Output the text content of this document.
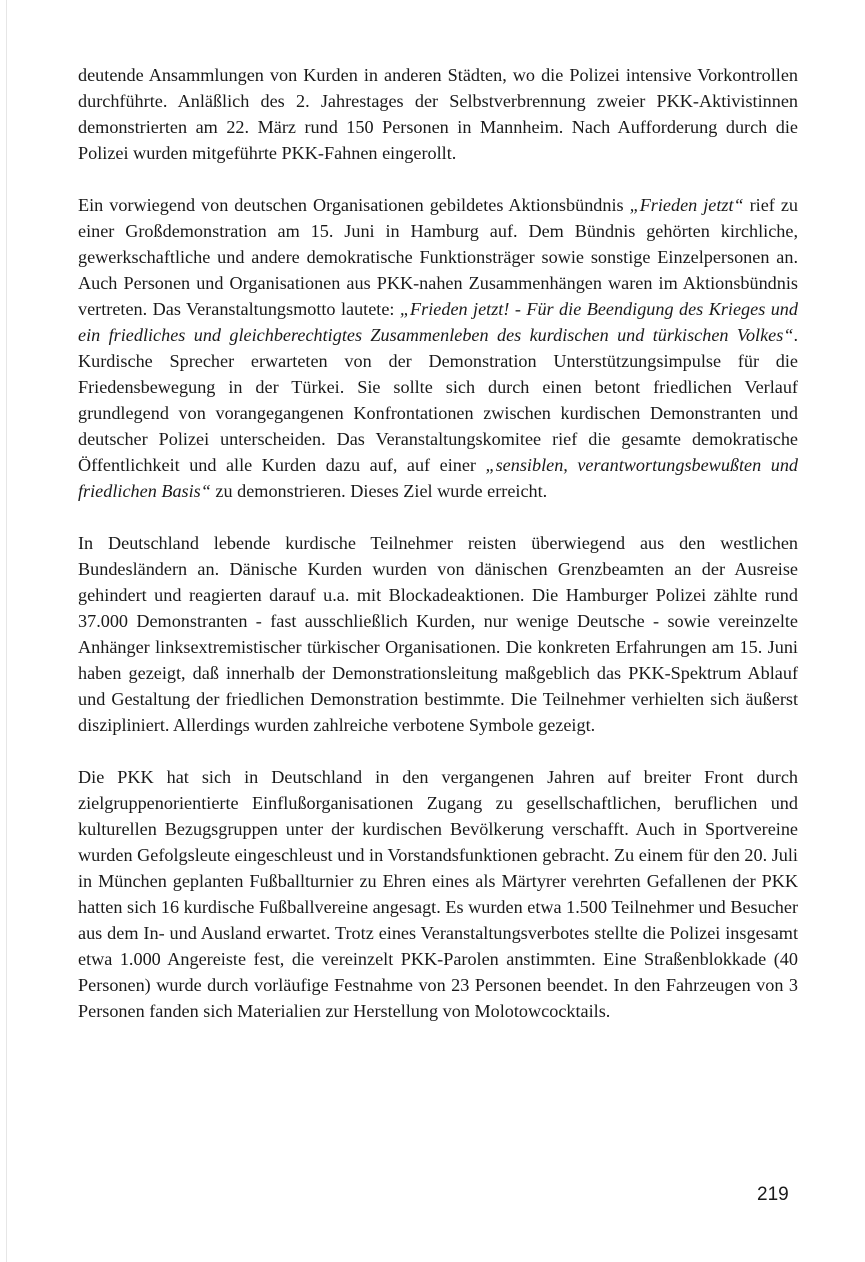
deutende Ansammlungen von Kurden in anderen Städten, wo die Polizei intensive Vorkontrollen durchführte. Anläßlich des 2. Jahrestages der Selbstverbrennung zweier PKK-Aktivistinnen demonstrierten am 22. März rund 150 Personen in Mannheim. Nach Aufforderung durch die Polizei wurden mitgeführte PKK-Fahnen eingerollt.

Ein vorwiegend von deutschen Organisationen gebildetes Aktionsbündnis „Frieden jetzt“ rief zu einer Großdemonstration am 15. Juni in Hamburg auf. Dem Bündnis gehörten kirchliche, gewerkschaftliche und andere demokratische Funktionsträger sowie sonstige Einzelpersonen an. Auch Personen und Organisationen aus PKK-nahen Zusammenhängen waren im Aktionsbündnis vertreten. Das Veranstaltungsmotto lautete: „Frieden jetzt! - Für die Beendigung des Krieges und ein friedliches und gleichberechtigtes Zusammenleben des kurdischen und türkischen Volkes“. Kurdische Sprecher erwarteten von der Demonstration Unterstützungsimpulse für die Friedensbewegung in der Türkei. Sie sollte sich durch einen betont friedlichen Verlauf grundlegend von vorangegangenen Konfrontationen zwischen kurdischen Demonstranten und deutscher Polizei unterscheiden. Das Veranstaltungskomitee rief die gesamte demokratische Öffentlichkeit und alle Kurden dazu auf, auf einer „sensiblen, verantwortungsbewußten und friedlichen Basis“ zu demonstrieren. Dieses Ziel wurde erreicht.

In Deutschland lebende kurdische Teilnehmer reisten überwiegend aus den westlichen Bundesländern an. Dänische Kurden wurden von dänischen Grenzbeamten an der Ausreise gehindert und reagierten darauf u.a. mit Blockadeaktionen. Die Hamburger Polizei zählte rund 37.000 Demonstranten - fast ausschließlich Kurden, nur wenige Deutsche - sowie vereinzelte Anhänger linksextremistischer türkischer Organisationen. Die konkreten Erfahrungen am 15. Juni haben gezeigt, daß innerhalb der Demonstrationsleitung maßgeblich das PKK-Spektrum Ablauf und Gestaltung der friedlichen Demonstration bestimmte. Die Teilnehmer verhielten sich äußerst diszipliniert. Allerdings wurden zahlreiche verbotene Symbole gezeigt.

Die PKK hat sich in Deutschland in den vergangenen Jahren auf breiter Front durch zielgruppenorientierte Einflußorganisationen Zugang zu gesellschaftlichen, beruflichen und kulturellen Bezugsgruppen unter der kurdischen Bevölkerung verschafft. Auch in Sportvereine wurden Gefolgsleute eingeschleust und in Vorstandsfunktionen gebracht. Zu einem für den 20. Juli in München geplanten Fußballturnier zu Ehren eines als Märtyrer verehrten Gefallenen der PKK hatten sich 16 kurdische Fußballvereine angesagt. Es wurden etwa 1.500 Teilnehmer und Besucher aus dem In- und Ausland erwartet. Trotz eines Veranstaltungsverbotes stellte die Polizei insgesamt etwa 1.000 Angereiste fest, die vereinzelt PKK-Parolen anstimmten. Eine Straßenblokkade (40 Personen) wurde durch vorläufige Festnahme von 23 Personen beendet. In den Fahrzeugen von 3 Personen fanden sich Materialien zur Herstellung von Molotowcocktails.

219
